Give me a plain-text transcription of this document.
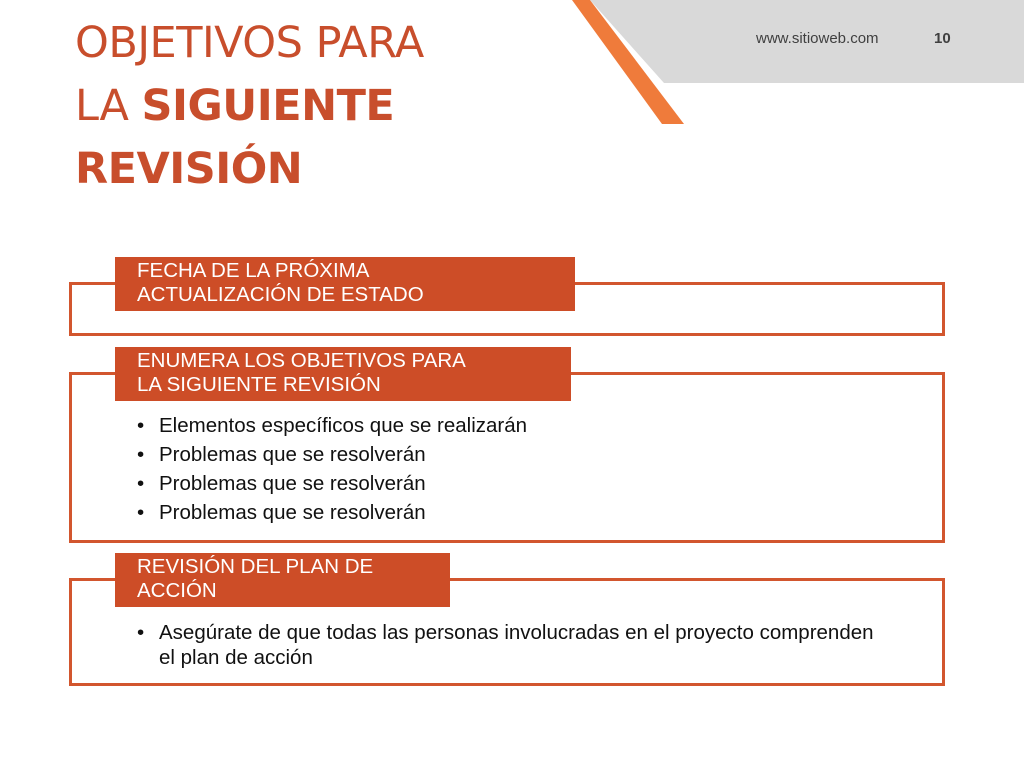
www.sitioweb.com	10
OBJETIVOS PARA
LA SIGUIENTE
REVISIÓN
FECHA DE LA PRÓXIMA
ACTUALIZACIÓN DE ESTADO
ENUMERA LOS OBJETIVOS PARA
LA SIGUIENTE REVISIÓN
• Elementos específicos que se realizarán
• Problemas que se resolverán
• Problemas que se resolverán
• Problemas que se resolverán
REVISIÓN DEL PLAN DE
ACCIÓN
• Asegúrate de que todas las personas involucradas en el proyecto comprenden el plan de acción
